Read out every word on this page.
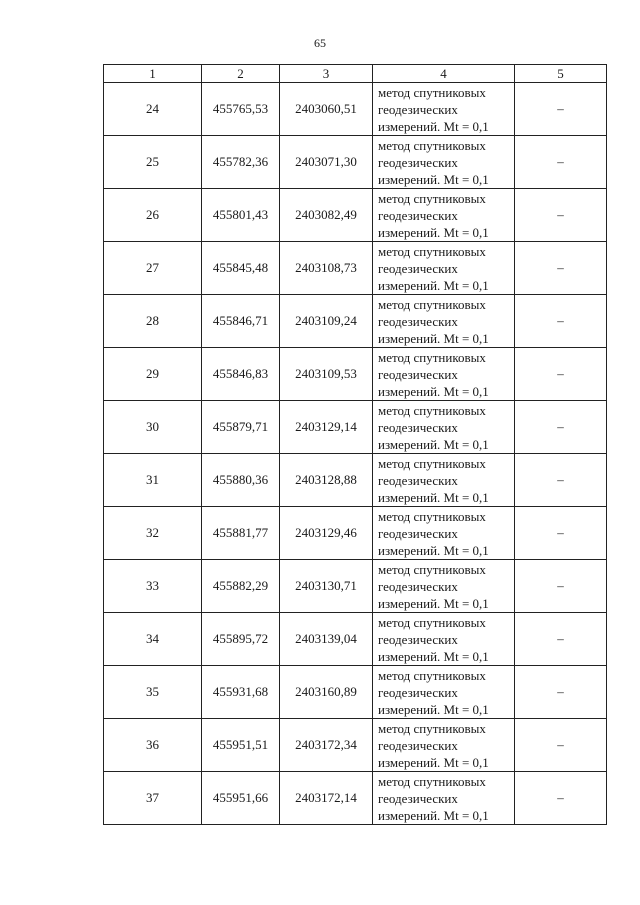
65
1	2	3	4	5
24	455765,53	2403060,51	метод спутниковых
геодезических
измерений. Mt = 0,1	–
25	455782,36	2403071,30	метод спутниковых
геодезических
измерений. Mt = 0,1	–
26	455801,43	2403082,49	метод спутниковых
геодезических
измерений. Mt = 0,1	–
27	455845,48	2403108,73	метод спутниковых
геодезических
измерений. Mt = 0,1	–
28	455846,71	2403109,24	метод спутниковых
геодезических
измерений. Mt = 0,1	–
29	455846,83	2403109,53	метод спутниковых
геодезических
измерений. Mt = 0,1	–
30	455879,71	2403129,14	метод спутниковых
геодезических
измерений. Mt = 0,1	–
31	455880,36	2403128,88	метод спутниковых
геодезических
измерений. Mt = 0,1	–
32	455881,77	2403129,46	метод спутниковых
геодезических
измерений. Mt = 0,1	–
33	455882,29	2403130,71	метод спутниковых
геодезических
измерений. Mt = 0,1	–
34	455895,72	2403139,04	метод спутниковых
геодезических
измерений. Mt = 0,1	–
35	455931,68	2403160,89	метод спутниковых
геодезических
измерений. Mt = 0,1	–
36	455951,51	2403172,34	метод спутниковых
геодезических
измерений. Mt = 0,1	–
37	455951,66	2403172,14	метод спутниковых
геодезических
измерений. Mt = 0,1	–
